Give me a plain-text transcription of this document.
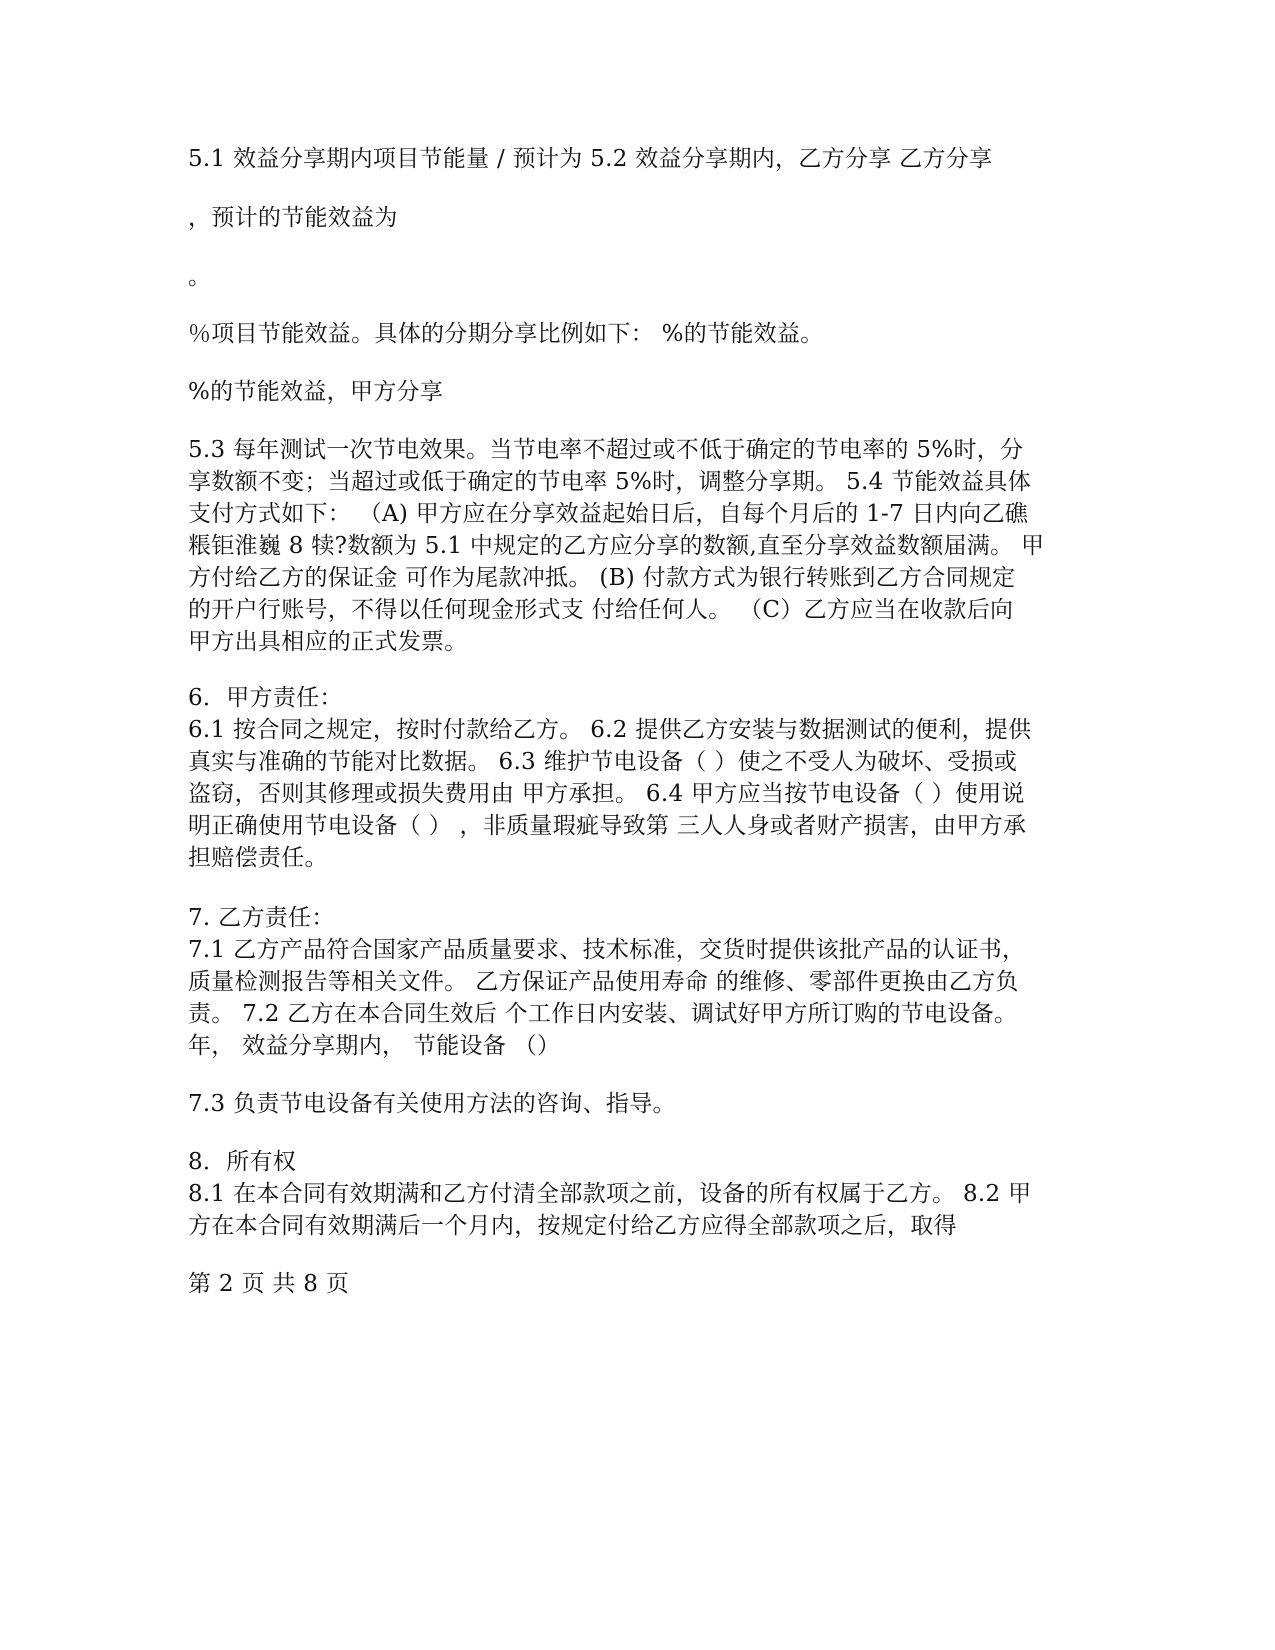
5.1 效益分享期内项目节能量 / 预计为 5.2 效益分享期内，乙方分享 乙方分享
，预计的节能效益为
。
％项目节能效益。具体的分期分享比例如下： %的节能效益。
%的节能效益，甲方分享
5.3 每年测试一次节电效果。当节电率不超过或不低于确定的节电率的 5%时，分
享数额不变；当超过或低于确定的节电率 5%时，调整分享期。 5.4 节能效益具体
支付方式如下： （A) 甲方应在分享效益起始日后，自每个月后的 1-7 日内向乙礁
粻钜淮巍 8 犊?数额为 5.1 中规定的乙方应分享的数额,直至分享效益数额届满。 甲
方付给乙方的保证金 可作为尾款冲抵。 (B) 付款方式为银行转账到乙方合同规定
的开户行账号，不得以任何现金形式支 付给任何人。 （C）乙方应当在收款后向
甲方出具相应的正式发票。
6．甲方责任：
6.1 按合同之规定，按时付款给乙方。 6.2 提供乙方安装与数据测试的便利，提供
真实与准确的节能对比数据。 6.3 维护节电设备（ ）使之不受人为破坏、受损或
盗窃，否则其修理或损失费用由 甲方承担。 6.4 甲方应当按节电设备（ ）使用说
明正确使用节电设备（ ） ，非质量瑕疵导致第 三人人身或者财产损害，由甲方承
担赔偿责任。
7. 乙方责任：
7.1 乙方产品符合国家产品质量要求、技术标准，交货时提供该批产品的认证书，
质量检测报告等相关文件。 乙方保证产品使用寿命 的维修、零部件更换由乙方负
责。 7.2 乙方在本合同生效后 个工作日内安装、调试好甲方所订购的节电设备。
年， 效益分享期内， 节能设备 （）
7.3 负责节电设备有关使用方法的咨询、指导。
8．所有权
8.1 在本合同有效期满和乙方付清全部款项之前，设备的所有权属于乙方。 8.2 甲
方在本合同有效期满后一个月内，按规定付给乙方应得全部款项之后，取得
第 2 页 共 8 页
